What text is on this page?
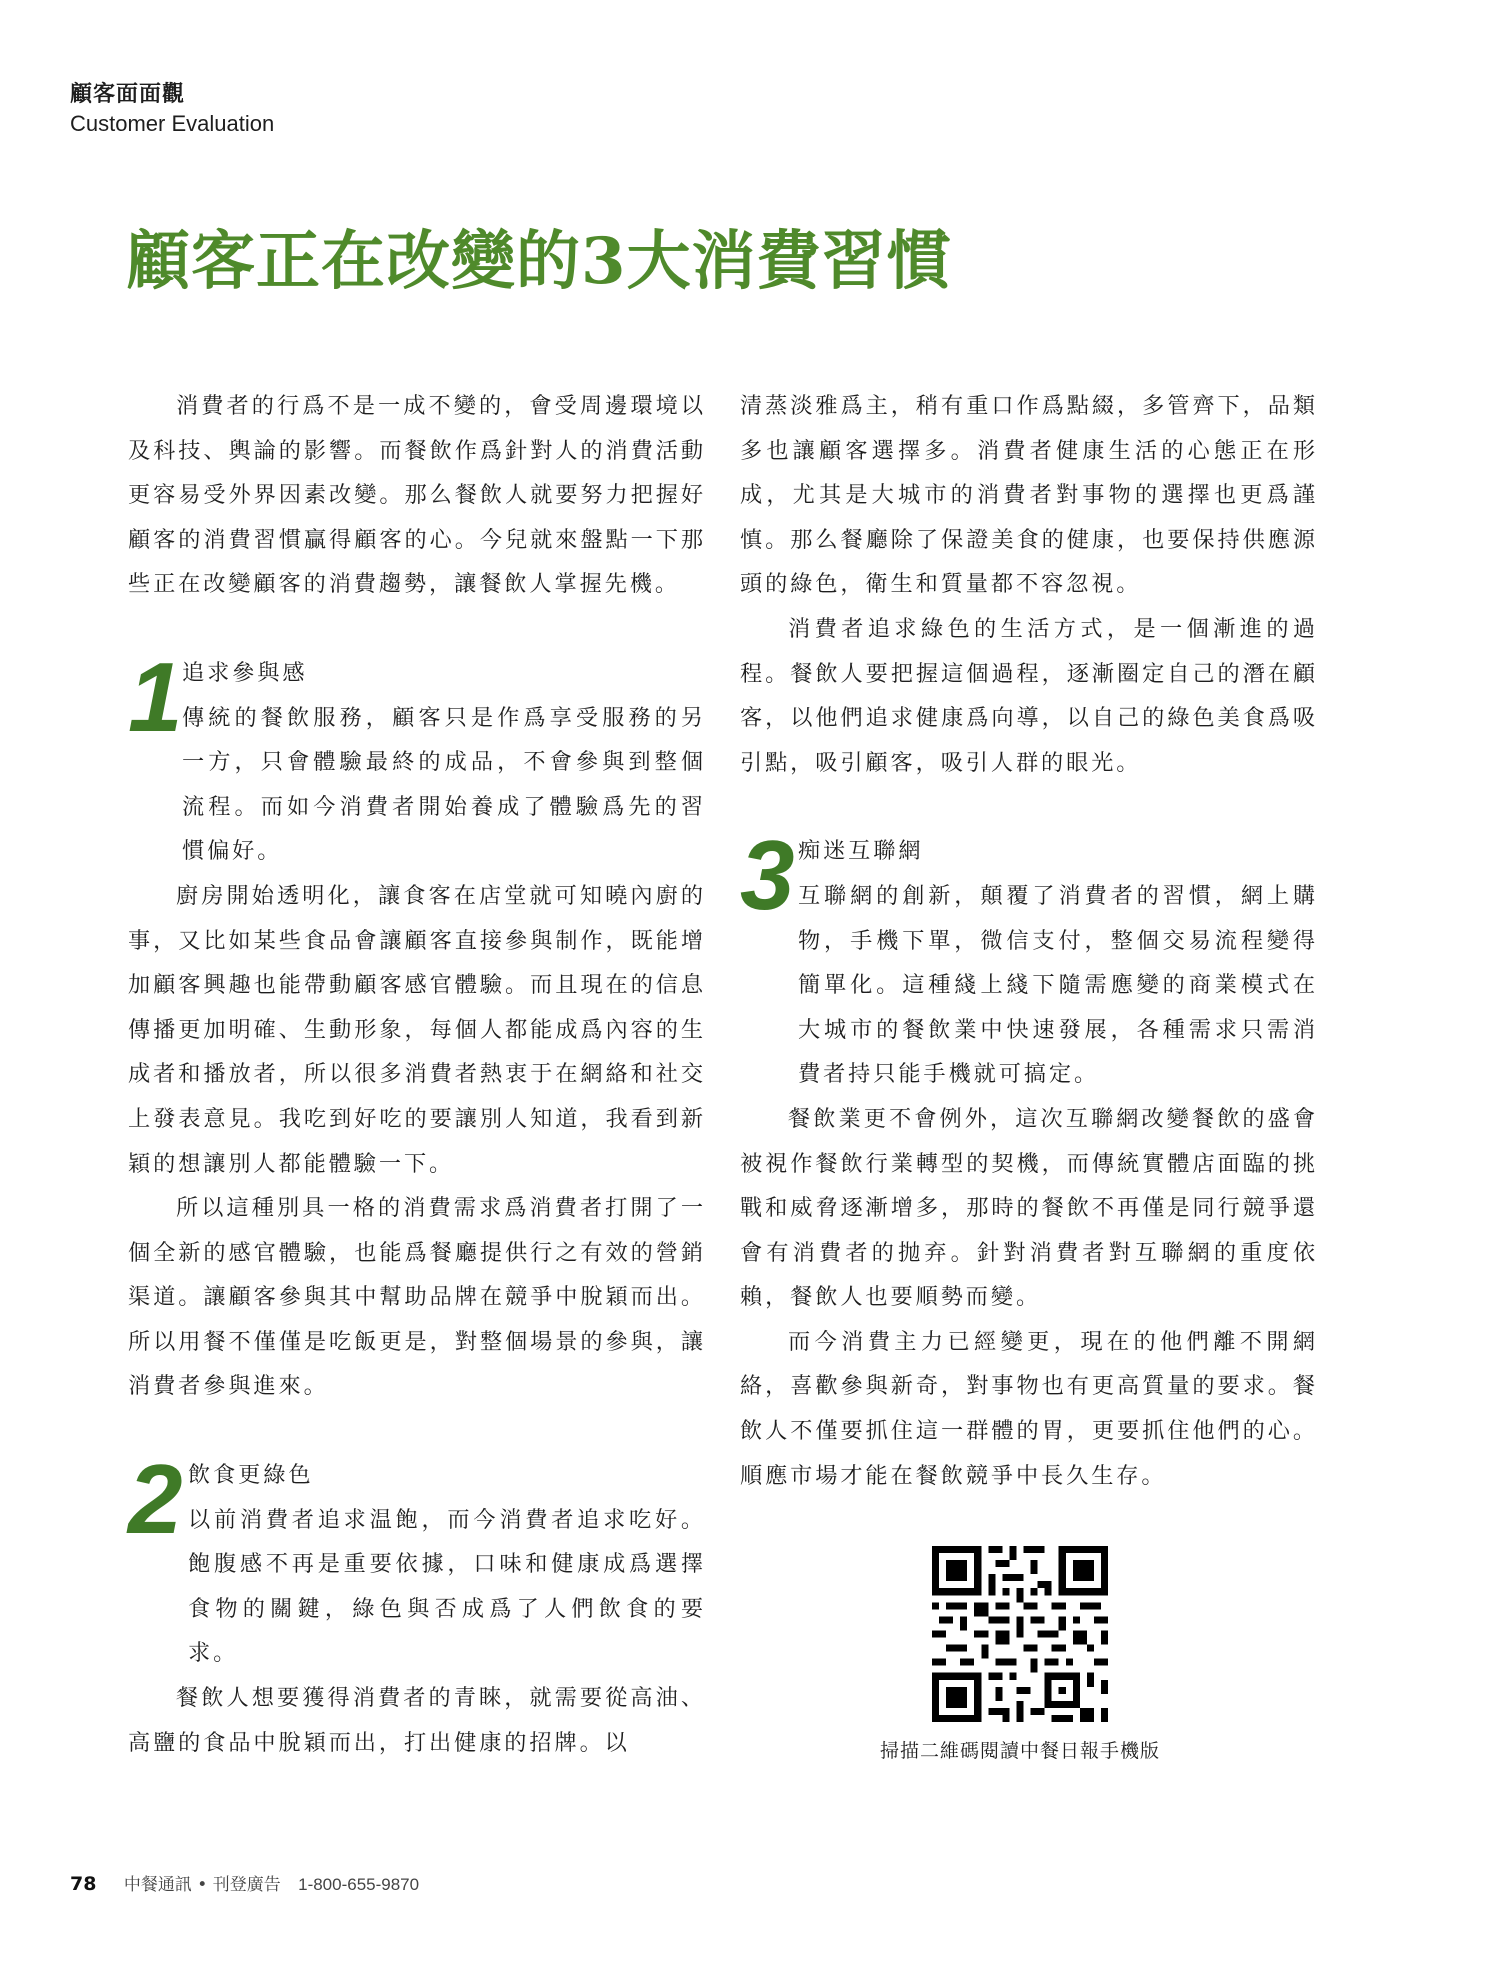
顧客面面觀
Customer Evaluation
顧客正在改變的3大消費習慣

消費者的行爲不是一成不變的，會受周邊環境以及科技、輿論的影響。而餐飲作爲針對人的消費活動更容易受外界因素改變。那么餐飲人就要努力把握好顧客的消費習慣贏得顧客的心。今兒就來盤點一下那些正在改變顧客的消費趨勢，讓餐飲人掌握先機。

1 追求參與感

傳統的餐飲服務，顧客只是作爲享受服務的另一方，只會體驗最終的成品，不會參與到整個流程。而如今消費者開始養成了體驗爲先的習慣偏好。

廚房開始透明化，讓食客在店堂就可知曉內廚的事，又比如某些食品會讓顧客直接參與制作，既能增加顧客興趣也能帶動顧客感官體驗。而且現在的信息傳播更加明確、生動形象，每個人都能成爲內容的生成者和播放者，所以很多消費者熱衷于在網絡和社交上發表意見。我吃到好吃的要讓別人知道，我看到新穎的想讓別人都能體驗一下。

所以這種別具一格的消費需求爲消費者打開了一個全新的感官體驗，也能爲餐廳提供行之有效的營銷渠道。讓顧客參與其中幫助品牌在競爭中脫穎而出。所以用餐不僅僅是吃飯更是，對整個場景的參與，讓消費者參與進來。

2 飲食更綠色

以前消費者追求温飽，而今消費者追求吃好。飽腹感不再是重要依據，口味和健康成爲選擇食物的關鍵，綠色與否成爲了人們飲食的要求。

餐飲人想要獲得消費者的青睞，就需要從高油、高鹽的食品中脫穎而出，打出健康的招牌。以

清蒸淡雅爲主，稍有重口作爲點綴，多管齊下，品類多也讓顧客選擇多。消費者健康生活的心態正在形成，尤其是大城市的消費者對事物的選擇也更爲謹慎。那么餐廳除了保證美食的健康，也要保持供應源頭的綠色，衛生和質量都不容忽視。

消費者追求綠色的生活方式，是一個漸進的過程。餐飲人要把握這個過程，逐漸圈定自己的潛在顧客，以他們追求健康爲向導，以自己的綠色美食爲吸引點，吸引顧客，吸引人群的眼光。

3 痴迷互聯網

互聯網的創新，顛覆了消費者的習慣，網上購物，手機下單，微信支付，整個交易流程變得簡單化。這種綫上綫下隨需應變的商業模式在大城市的餐飲業中快速發展，各種需求只需消費者持只能手機就可搞定。

餐飲業更不會例外，這次互聯網改變餐飲的盛會被視作餐飲行業轉型的契機，而傳統實體店面臨的挑戰和威脅逐漸增多，那時的餐飲不再僅是同行競爭還會有消費者的抛弃。針對消費者對互聯網的重度依賴，餐飲人也要順勢而變。

而今消費主力已經變更，現在的他們離不開網絡，喜歡參與新奇，對事物也有更高質量的要求。餐飲人不僅要抓住這一群體的胃，更要抓住他們的心。順應市場才能在餐飲競爭中長久生存。

掃描二維碼閱讀中餐日報手機版
78 中餐通訊 • 刊登廣告 1-800-655-9870
